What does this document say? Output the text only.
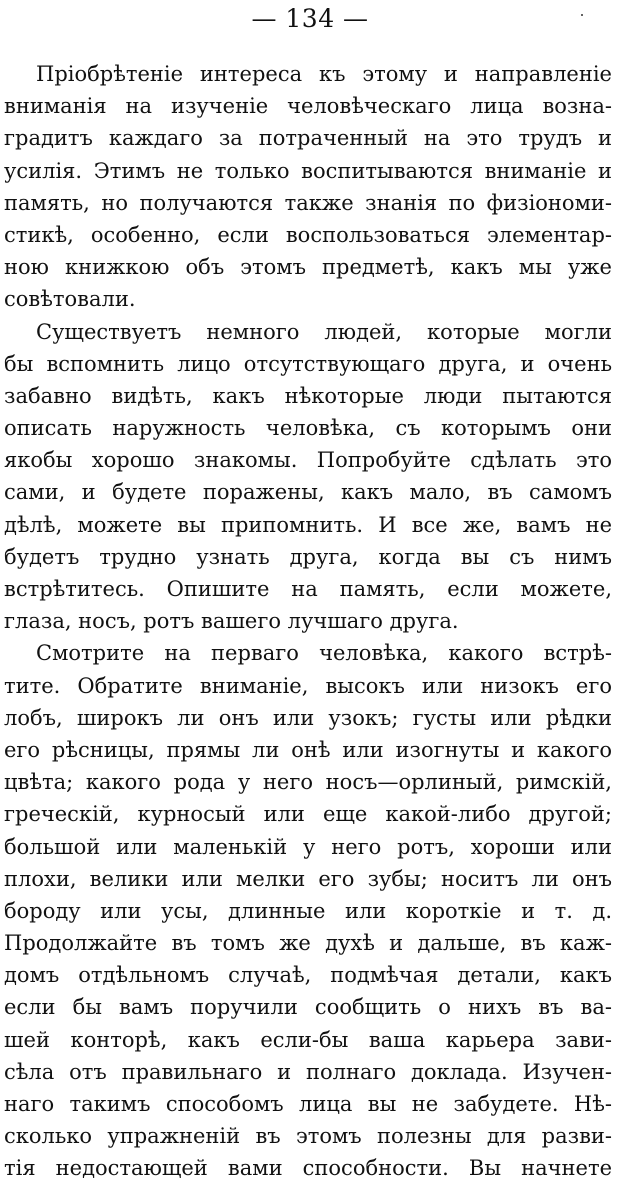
— 134 —

Пріобрѣтеніе интереса къ этому и направленіе
вниманія на изученіе человѣческаго лица возна-
градитъ каждаго за потраченный на это трудъ и
усилія. Этимъ не только воспитываются вниманіе и
память, но получаются также знанія по физіономи-
стикѣ, особенно, если воспользоваться элементар-
ною книжкою объ этомъ предметѣ, какъ мы уже
совѣтовали.

Существуетъ немного людей, которые могли
бы вспомнить лицо отсутствующаго друга, и очень
забавно видѣть, какъ нѣкоторые люди пытаются
описать наружность человѣка, съ которымъ они
якобы хорошо знакомы. Попробуйте сдѣлать это
сами, и будете поражены, какъ мало, въ самомъ
дѣлѣ, можете вы припомнить. И все же, вамъ не
будетъ трудно узнать друга, когда вы съ нимъ
встрѣтитесь. Опишите на память, если можете,
глаза, носъ, ротъ вашего лучшаго друга.

Смотрите на перваго человѣка, какого встрѣ-
тите. Обратите вниманіе, высокъ или низокъ его
лобъ, широкъ ли онъ или узокъ; густы или рѣдки
его рѣсницы, прямы ли онѣ или изогнуты и какого
цвѣта; какого рода у него носъ—орлиный, римскій,
греческій, курносый или еще какой-либо другой;
большой или маленькій у него ротъ, хороши или
плохи, велики или мелки его зубы; носитъ ли онъ
бороду или усы, длинные или короткіе и т. д.
Продолжайте въ томъ же духѣ и дальше, въ каж-
домъ отдѣльномъ случаѣ, подмѣчая детали, какъ
если бы вамъ поручили сообщить о нихъ въ ва-
шей конторѣ, какъ если-бы ваша карьера зави-
сѣла отъ правильнаго и полнаго доклада. Изучен-
наго такимъ способомъ лица вы не забудете. Нѣ-
сколько упражненій въ этомъ полезны для разви-
тія недостающей вами способности. Вы начнете
